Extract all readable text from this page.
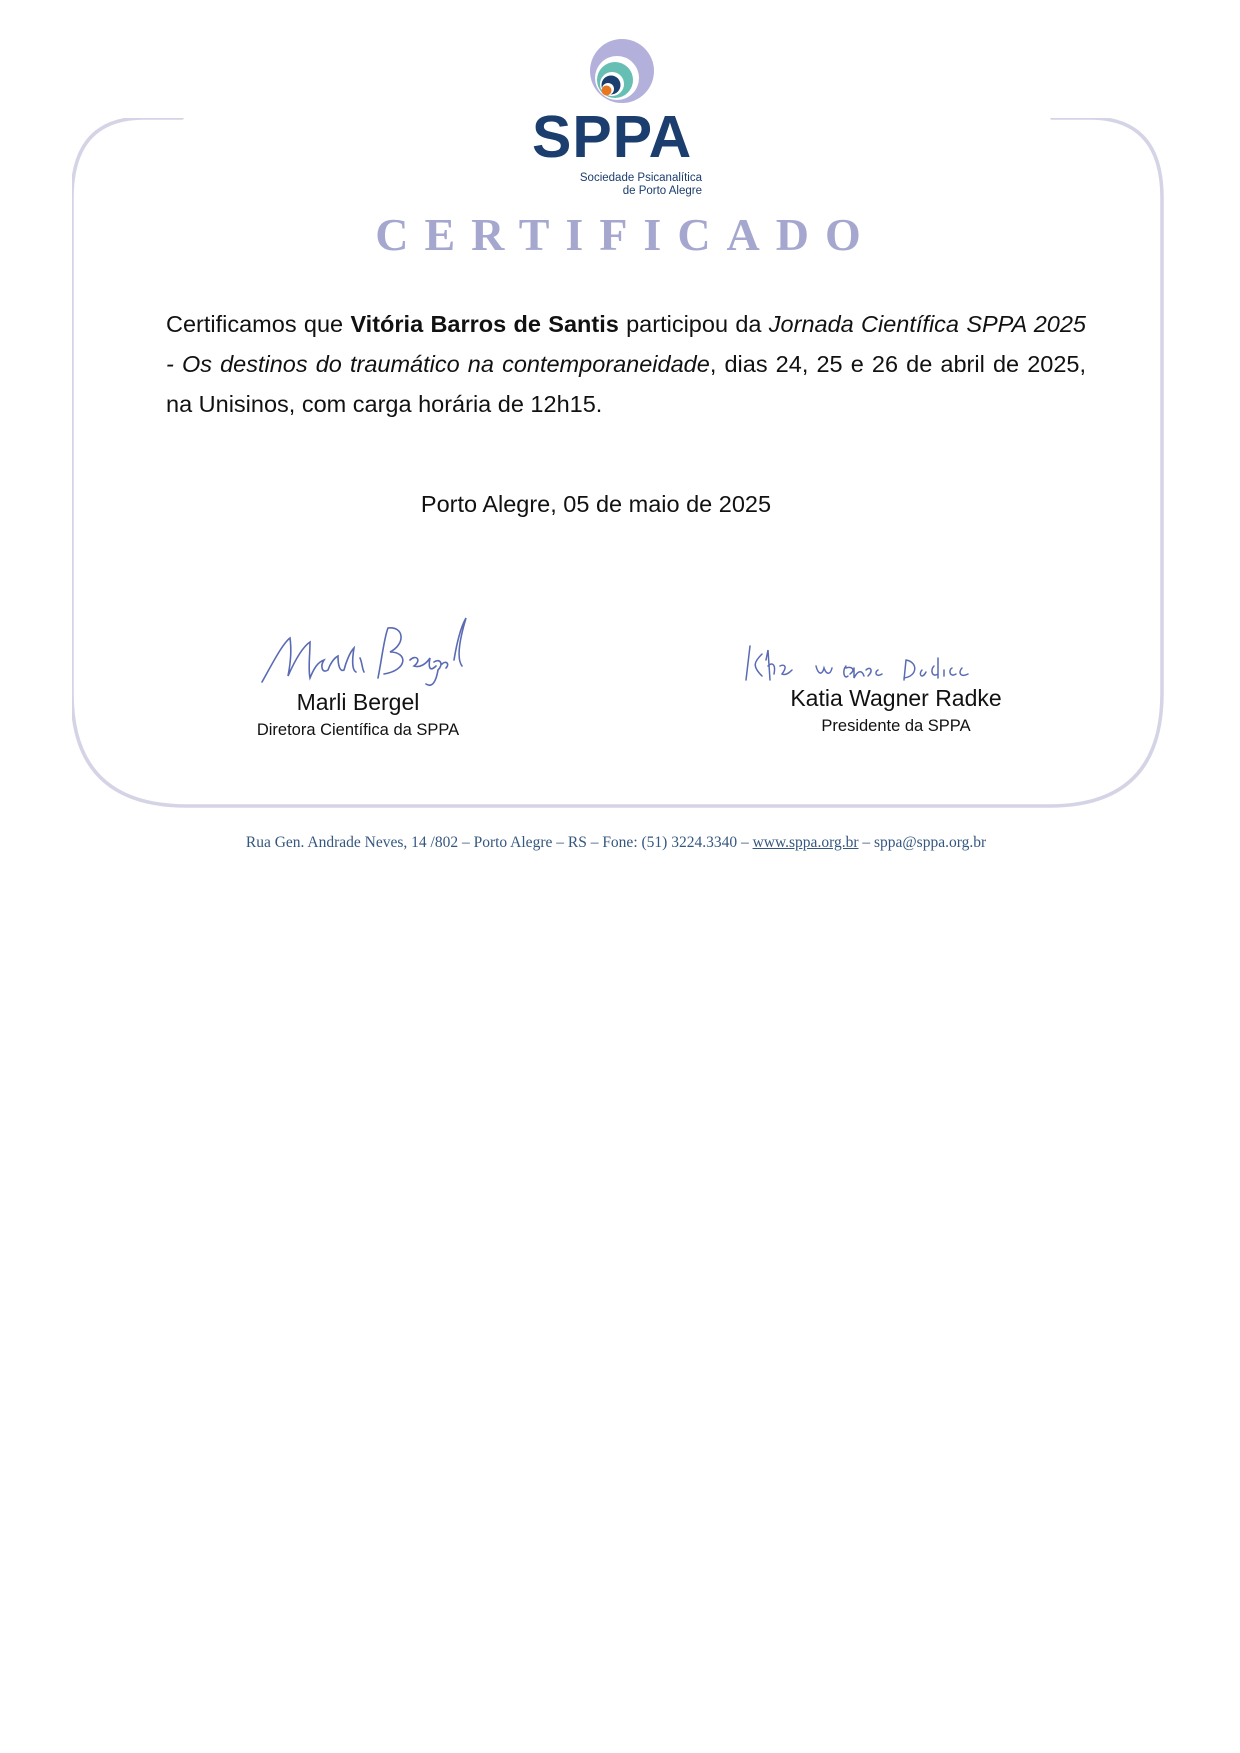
SPPA
Sociedade Psicanalítica
de Porto Alegre
CERTIFICADO
Certificamos que Vitória Barros de Santis participou da Jornada Científica SPPA 2025 - Os destinos do traumático na contemporaneidade, dias 24, 25 e 26 de abril de 2025, na Unisinos, com carga horária de 12h15.
Porto Alegre, 05 de maio de 2025
Marli Bergel
Diretora Científica da SPPA
Katia Wagner Radke
Presidente da SPPA
Rua Gen. Andrade Neves, 14 /802 – Porto Alegre – RS – Fone: (51) 3224.3340 – www.sppa.org.br – sppa@sppa.org.br
